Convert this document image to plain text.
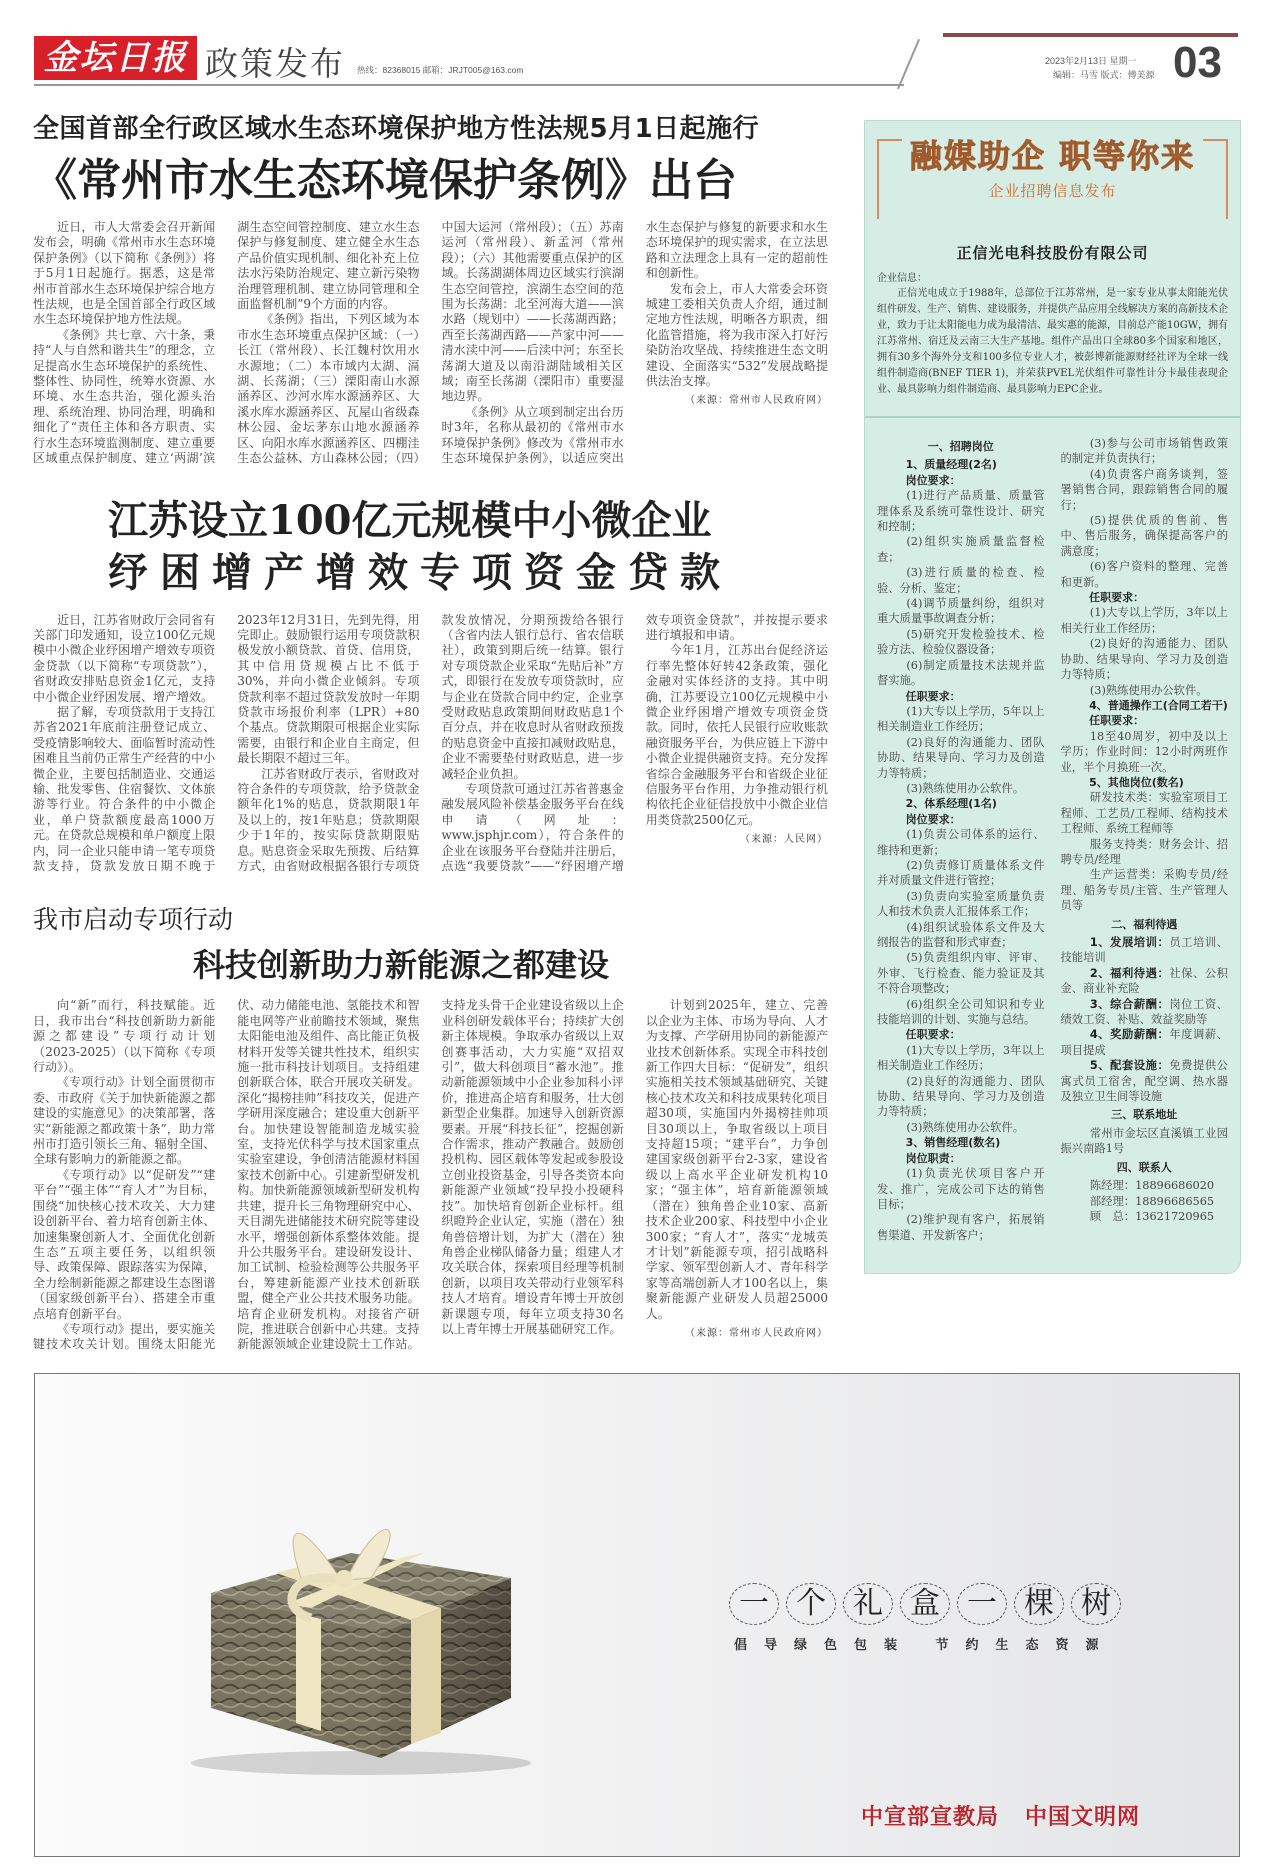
金坛日报 政策发布 热线：82368015 邮箱：JRJT005@163.com
2023年2月13日 星期一
编辑：马雪 版式：傅美源 03
全国首部全行政区域水生态环境保护地方性法规5月1日起施行
《常州市水生态环境保护条例》出台

近日，市人大常委会召开新闻发布会，明确《常州市水生态环境保护条例》（以下简称《条例》）将于5月1日起施行。据悉，这是常州市首部水生态环境保护综合地方性法规，也是全国首部全行政区域水生态环境保护地方性法规。

《条例》共七章、六十条，秉持“人与自然和谐共生”的理念，立足提高水生态环境保护的系统性、整体性、协同性，统筹水资源、水环境、水生态共治，强化源头治理、系统治理、协同治理，明确和细化了“责任主体和各方职责、实行水生态环境监测制度、建立重要区域重点保护制度、建立‘两湖’滨湖生态空间管控制度、建立水生态保护与修复制度、建立健全水生态产品价值实现机制、细化补充上位法水污染防治规定、建立新污染物治理管理机制、建立协同管理和全面监督机制”9个方面的内容。

《条例》指出，下列区域为本市水生态环境重点保护区域：（一）长江（常州段）、长江魏村饮用水水源地；（二）本市域内太湖、滆湖、长荡湖；（三）溧阳南山水源涵养区、沙河水库水源涵养区、大溪水库水源涵养区、瓦屋山省级森林公园、金坛茅东山地水源涵养区、向阳水库水源涵养区、四棚洼生态公益林、方山森林公园；（四）中国大运河（常州段）；（五）苏南运河（常州段）、新孟河（常州段）；（六）其他需要重点保护的区域。长荡湖湖体周边区域实行滨湖生态空间管控，滨湖生态空间的范围为长荡湖：北至河海大道——滨水路（规划中）——长荡湖西路；西至长荡湖西路——芦家中河——清水渎中河——后渎中河；东至长荡湖大道及以南沿湖陆域相关区域；南至长荡湖（溧阳市）重要湿地边界。

《条例》从立项到制定出台历时3年，名称从最初的《常州市水环境保护条例》修改为《常州市水生态环境保护条例》，以适应突出水生态保护与修复的新要求和水生态环境保护的现实需求，在立法思路和立法理念上具有一定的超前性和创新性。

发布会上，市人大常委会环资城建工委相关负责人介绍，通过制定地方性法规，明晰各方职责，细化监管措施，将为我市深入打好污染防治攻坚战、持续推进生态文明建设、全面落实“532”发展战略提供法治支撑。

（来源：常州市人民政府网）

江苏设立100亿元规模中小微企业
纾困增产增效专项资金贷款

近日，江苏省财政厅会同省有关部门印发通知，设立100亿元规模中小微企业纾困增产增效专项资金贷款（以下简称“专项贷款”），省财政安排贴息资金1亿元，支持中小微企业纾困发展、增产增效。

据了解，专项贷款用于支持江苏省2021年底前注册登记成立、受疫情影响较大、面临暂时流动性困难且当前仍正常生产经营的中小微企业，主要包括制造业、交通运输、批发零售、住宿餐饮、文体旅游等行业。符合条件的中小微企业，单户贷款额度最高1000万元。在贷款总规模和单户额度上限内，同一企业只能申请一笔专项贷款支持，贷款发放日期不晚于2023年12月31日，先到先得，用完即止。鼓励银行运用专项贷款积极发放小额贷款、首贷、信用贷，其中信用贷规模占比不低于30%，并向小微企业倾斜。专项贷款利率不超过贷款发放时一年期贷款市场报价利率（LPR）+80个基点。贷款期限可根据企业实际需要，由银行和企业自主商定，但最长期限不超过三年。

江苏省财政厅表示，省财政对符合条件的专项贷款，给予贷款金额年化1%的贴息，贷款期限1年及以上的，按1年贴息；贷款期限少于1年的，按实际贷款期限贴息。贴息资金采取先预拨、后结算方式，由省财政根据各银行专项贷款发放情况，分期预拨给各银行（含省内法人银行总行、省农信联社），政策到期后统一结算。银行对专项贷款企业采取“先贴后补”方式，即银行在发放专项贷款时，应与企业在贷款合同中约定，企业享受财政贴息政策期间财政贴息1个百分点，并在收息时从省财政预拨的贴息资金中直接扣减财政贴息，企业不需要垫付财政贴息，进一步减轻企业负担。

专项贷款可通过江苏省普惠金融发展风险补偿基金服务平台在线申请（网址：www.jsphjr.com），符合条件的企业在该服务平台登陆并注册后，点选“我要贷款”——“纾困增产增效专项资金贷款”，并按提示要求进行填报和申请。

今年1月，江苏出台促经济运行率先整体好转42条政策，强化金融对实体经济的支持。其中明确，江苏要设立100亿元规模中小微企业纾困增产增效专项资金贷款。同时，依托人民银行应收账款融资服务平台，为供应链上下游中小微企业提供融资支持。充分发挥省综合金融服务平台和省级企业征信服务平台作用，力争推动银行机构依托企业征信投放中小微企业信用类贷款2500亿元。

（来源：人民网）

我市启动专项行动
科技创新助力新能源之都建设

向“新”而行，科技赋能。近日，我市出台“科技创新助力新能源之都建设”专项行动计划（2023-2025）（以下简称《专项行动》）。

《专项行动》计划全面贯彻市委、市政府《关于加快新能源之都建设的实施意见》的决策部署，落实“新能源之都政策十条”，助力常州市打造引领长三角、辐射全国、全球有影响力的新能源之都。

《专项行动》以“促研发”“建平台”“强主体”“育人才”为目标，围绕“加快核心技术攻关、大力建设创新平台、着力培育创新主体、加速集聚创新人才、全面优化创新生态”五项主要任务，以组织领导、政策保障、跟踪落实为保障，全力绘制新能源之都建设生态图谱（国家级创新平台）、搭建全市重点培育创新平台。

《专项行动》提出，要实施关键技术攻关计划。围绕太阳能光伏、动力储能电池、氢能技术和智能电网等产业前瞻技术领域，聚焦太阳能电池及组件、高比能正负极材料开发等关键共性技术，组织实施一批市科技计划项目。支持组建创新联合体，联合开展攻关研发。深化“揭榜挂帅”科技攻关，促进产学研用深度融合；建设重大创新平台。加快建设智能制造龙城实验室，支持光伏科学与技术国家重点实验室建设，争创清洁能源材料国家技术创新中心。引建新型研发机构。加快新能源领域新型研发机构共建，提升长三角物理研究中心、天目湖先进储能技术研究院等建设水平，增强创新体系整体效能。提升公共服务平台。建设研发设计、加工试制、检验检测等公共服务平台，筹建新能源产业技术创新联盟，健全产业公共技术服务功能。培育企业研发机构。对接省产研院，推进联合创新中心共建。支持新能源领域企业建设院士工作站。支持龙头骨干企业建设省级以上企业科创研发载体平台；持续扩大创新主体规模。争取承办省级以上双创赛事活动，大力实施“双招双引”，做大科创项目“蓄水池”。推动新能源领域中小企业参加科小评价，推进高企培育和服务，壮大创新型企业集群。加速导入创新资源要素。开展“科技长征”，挖掘创新合作需求，推动产教融合。鼓励创投机构、园区载体等发起或参股设立创业投资基金，引导各类资本向新能源产业领域“投早投小投硬科技”。加快培育创新企业标杆。组织瞪羚企业认定，实施（潜在）独角兽倍增计划，为扩大（潜在）独角兽企业梯队储备力量；组建人才攻关联合体，探索项目经理等机制创新，以项目攻关带动行业领军科技人才培育。增设青年博士开放创新课题专项，每年立项支持30名以上青年博士开展基础研究工作。

计划到2025年，建立、完善以企业为主体、市场为导向、人才为支撑、产学研用协同的新能源产业技术创新体系。实现全市科技创新工作四大目标：“促研发”，组织实施相关技术领域基础研究、关键核心技术攻关和科技成果转化项目超30项，实施国内外揭榜挂帅项目30项以上，争取省级以上项目支持超15项；“建平台”，力争创建国家级创新平台2-3家，建设省级以上高水平企业研发机构10家；“强主体”，培育新能源领域（潜在）独角兽企业10家、高新技术企业200家、科技型中小企业300家；“育人才”，落实“龙城英才计划”新能源专项，招引战略科学家、领军型创新人才、青年科学家等高端创新人才100名以上，集聚新能源产业研发人员超25000人。

（来源：常州市人民政府网）

融媒助企 职等你来
企业招聘信息发布
正信光电科技股份有限公司
企业信息：
正信光电成立于1988年，总部位于江苏常州，是一家专业从事太阳能光伏组件研发、生产、销售、建设服务，并提供产品应用全线解决方案的高新技术企业，致力于让太阳能电力成为最清洁、最实惠的能源，目前总产能10GW，拥有江苏常州、宿迁及云南三大生产基地。组件产品出口全球80多个国家和地区，拥有30多个海外分支和100多位专业人才，被彭博新能源财经社评为全球一线组件制造商(BNEF TIER 1)，并荣获PVEL光伏组件可靠性计分卡最佳表现企业、最具影响力组件制造商、最具影响力EPC企业。
一、招聘岗位
1、质量经理(2名)
岗位要求：
(1)进行产品质量、质量管理体系及系统可靠性设计、研究和控制；
(2)组织实施质量监督检查；
(3)进行质量的检查、检验、分析、鉴定；
(4)调节质量纠纷，组织对重大质量事故调查分析；
(5)研究开发检验技术、检验方法、检验仪器设备；
(6)制定质量技术法规并监督实施。
任职要求：
(1)大专以上学历，5年以上相关制造业工作经历；
(2)良好的沟通能力、团队协助、结果导向、学习力及创造力等特质；
(3)熟练使用办公软件。
2、体系经理(1名)
岗位要求：
(1)负责公司体系的运行、维持和更新；
(2)负责修订质量体系文件并对质量文件进行管控；
(3)负责向实验室质量负责人和技术负责人汇报体系工作；
(4)组织试验体系文件及大纲报告的监督和形式审查；
(5)负责组织内审、评审、外审、飞行检查、能力验证及其不符合项整改；
(6)组织全公司知识和专业技能培训的计划、实施与总结。
任职要求：
(1)大专以上学历，3年以上相关制造业工作经历；
(2)良好的沟通能力、团队协助、结果导向、学习力及创造力等特质；
(3)熟练使用办公软件。
3、销售经理(数名)
岗位职责：
(1)负责光伏项目客户开发、推广，完成公司下达的销售目标；
(2)维护现有客户，拓展销售渠道、开发新客户；
(3)参与公司市场销售政策的制定并负责执行；
(4)负责客户商务谈判，签署销售合同，跟踪销售合同的履行；
(5)提供优质的售前、售中、售后服务，确保提高客户的满意度；
(6)客户资料的整理、完善和更新。
任职要求：
(1)大专以上学历，3年以上相关行业工作经历；
(2)良好的沟通能力、团队协助、结果导向、学习力及创造力等特质；
(3)熟练使用办公软件。
4、普通操作工(合同工若干)
任职要求：
18至40周岁，初中及以上学历；作业时间：12小时两班作业，半个月换班一次。
5、其他岗位(数名)
研发技术类：实验室项目工程师、工艺员/工程师、结构技术工程师、系统工程师等
服务支持类：财务会计、招聘专员/经理
生产运营类：采购专员/经理、船务专员/主管、生产管理人员等
二、福利待遇
1、发展培训：员工培训、技能培训
2、福利待遇：社保、公积金、商业补充险
3、综合薪酬：岗位工资、绩效工资、补贴、效益奖励等
4、奖励薪酬：年度调薪、项目提成
5、配套设施：免费提供公寓式员工宿舍，配空调、热水器及独立卫生间等设施
三、联系地址
常州市金坛区直溪镇工业园振兴南路1号
四、联系人
陈经理：18896686020
部经理：18896686565
顾　总：13621720965
一 个 礼 盒 一 棵 树
倡导绿色包装 节约生态资源
中宣部宣教局 中国文明网
